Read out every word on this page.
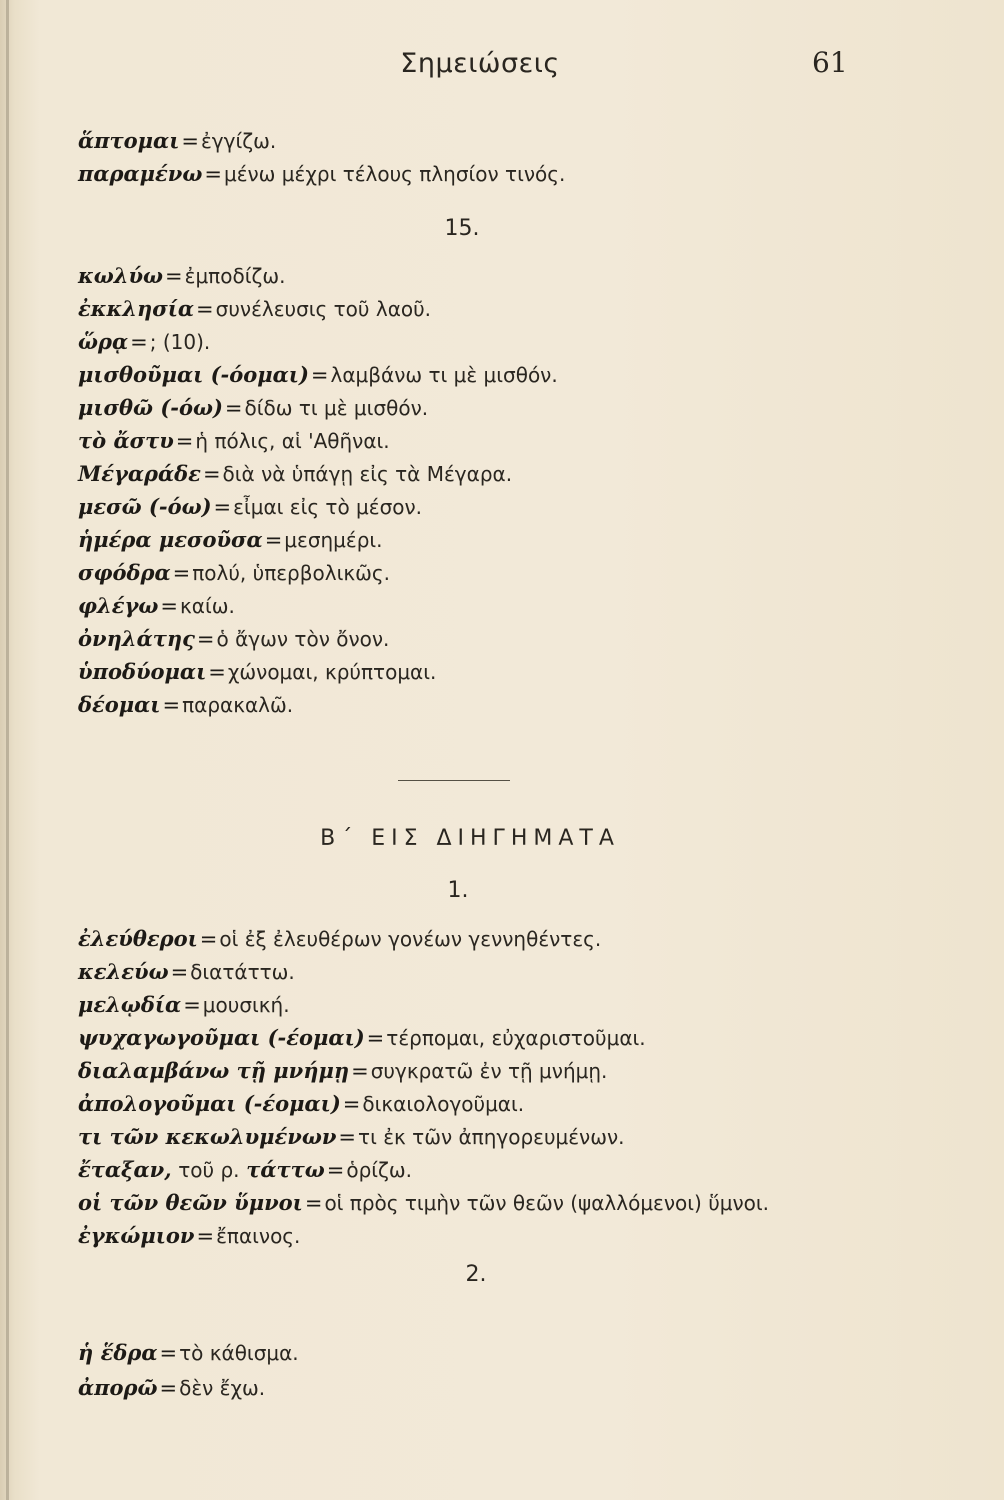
Σημειώσεις	61
ἅπτομαι= ἐγγίζω.
παραμένω= μένω μέχρι τέλους πλησίον τινός.
15.
κωλύω= ἐμποδίζω.
ἐκκλησία= συνέλευσις τοῦ λαοῦ.
ὥρᾳ= ; (10).
μισθοῦμαι (-όομαι)= λαμβάνω τι μὲ μισθόν.
μισθῶ (-όω)= δίδω τι μὲ μισθόν.
τὸ ἄστυ= ἡ πόλις, αἱ 'Αθῆναι.
Μέγαράδε= διὰ νὰ ὑπάγῃ εἰς τὰ Μέγαρα.
μεσῶ (-όω)= εἶμαι εἰς τὸ μέσον.
ἡμέρα μεσοῦσα= μεσημέρι.
σφόδρα= πολύ, ὑπερβολικῶς.
φλέγω= καίω.
ὀνηλάτης= ὁ ἄγων τὸν ὄνον.
ὑποδύομαι= χώνομαι, κρύπτομαι.
δέομαι= παρακαλῶ.
Β΄ ΕΙΣ ΔΙΗΓΗΜΑΤΑ
1.
ἐλεύθεροι= οἱ ἐξ ἐλευθέρων γονέων γεννηθέντες.
κελεύω= διατάττω.
μελῳδία= μουσική.
ψυχαγωγοῦμαι (-έομαι)= τέρπομαι, εὐχαριστοῦμαι.
διαλαμβάνω τῇ μνήμῃ= συγκρατῶ ἐν τῇ μνήμῃ.
ἀπολογοῦμαι (-έομαι)= δικαιολογοῦμαι.
τι τῶν κεκωλυμένων= τι ἐκ τῶν ἀπηγορευμένων.
ἔταξαν, τοῦ ρ. τάττω= ὁρίζω.
οἱ τῶν θεῶν ὕμνοι= οἱ πρὸς τιμὴν τῶν θεῶν (ψαλλόμενοι) ὕμνοι.
ἐγκώμιον= ἔπαινος.
2.
ἡ ἕδρα= τὸ κάθισμα.
ἀπορῶ= δὲν ἔχω.
